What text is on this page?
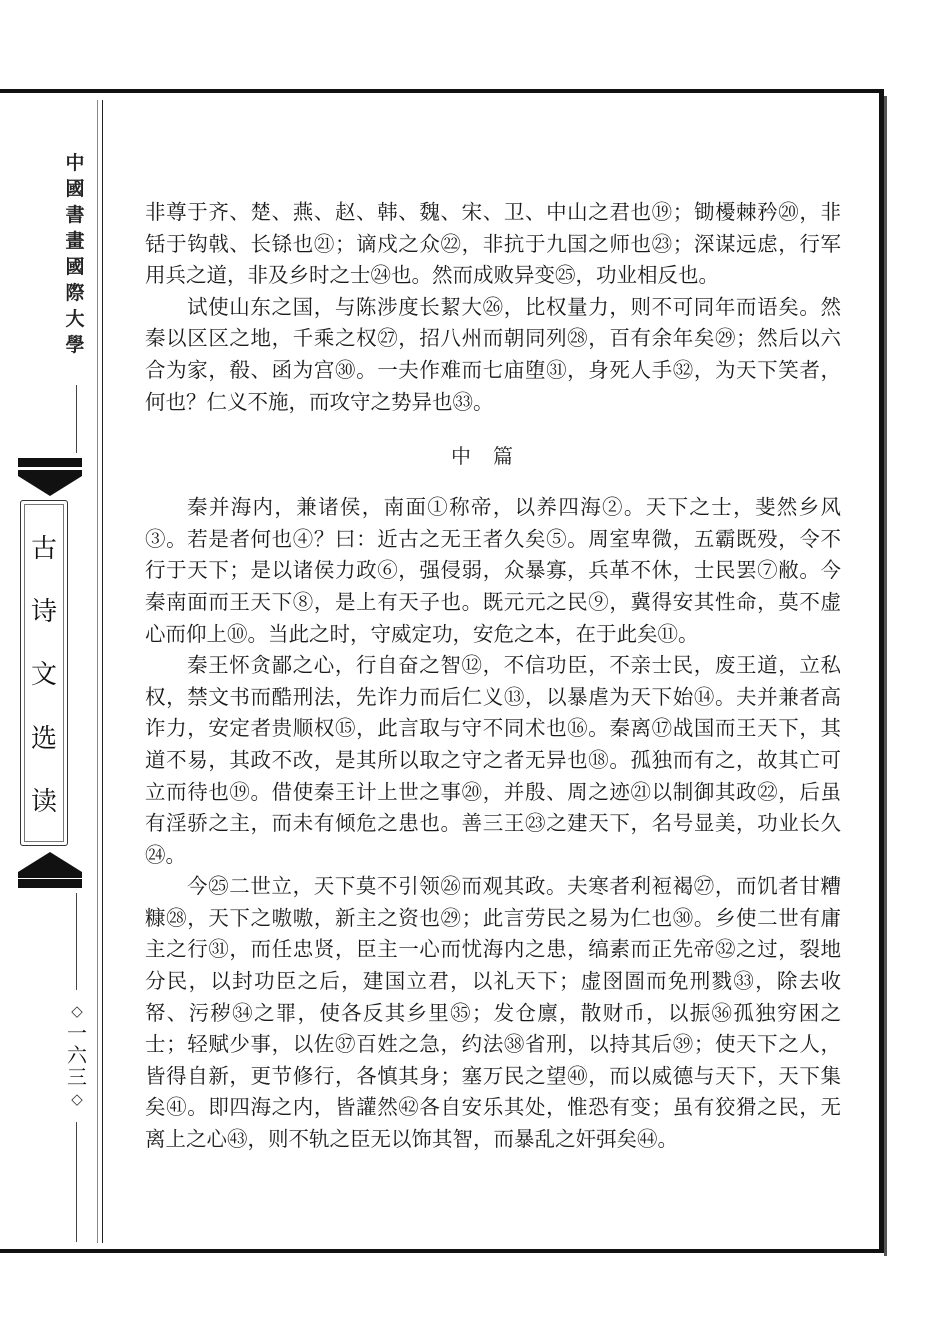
中
國
書
畫
國
際
大
學
古
诗
文
选
读
◇
一
六
三
◇

非尊于齐、楚、燕、赵、韩、魏、宋、卫、中山之君也⑲；锄櫌棘矜⑳，非铦于钩戟、长铩也㉑；谪戍之众㉒，非抗于九国之师也㉓；深谋远虑，行军用兵之道，非及乡时之士㉔也。然而成败异变㉕，功业相反也。

试使山东之国，与陈涉度长絜大㉖，比权量力，则不可同年而语矣。然秦以区区之地，千乘之权㉗，招八州而朝同列㉘，百有余年矣㉙；然后以六合为家，殽、函为宫㉚。一夫作难而七庙堕㉛，身死人手㉜，为天下笑者，何也？仁义不施，而攻守之势异也㉝。

中篇

秦并海内，兼诸侯，南面①称帝，以养四海②。天下之士，斐然乡风③。若是者何也④？曰：近古之无王者久矣⑤。周室卑微，五霸既殁，令不行于天下；是以诸侯力政⑥，强侵弱，众暴寡，兵革不休，士民罢⑦敝。今秦南面而王天下⑧，是上有天子也。既元元之民⑨，冀得安其性命，莫不虚心而仰上⑩。当此之时，守威定功，安危之本，在于此矣⑪。

秦王怀贪鄙之心，行自奋之智⑫，不信功臣，不亲士民，废王道，立私权，禁文书而酷刑法，先诈力而后仁义⑬，以暴虐为天下始⑭。夫并兼者高诈力，安定者贵顺权⑮，此言取与守不同术也⑯。秦离⑰战国而王天下，其道不易，其政不改，是其所以取之守之者无异也⑱。孤独而有之，故其亡可立而待也⑲。借使秦王计上世之事⑳，并殷、周之迹㉑以制御其政㉒，后虽有淫骄之主，而未有倾危之患也。善三王㉓之建天下，名号显美，功业长久㉔。

今㉕二世立，天下莫不引领㉖而观其政。夫寒者利裋褐㉗，而饥者甘糟糠㉘，天下之嗷嗷，新主之资也㉙；此言劳民之易为仁也㉚。乡使二世有庸主之行㉛，而任忠贤，臣主一心而忧海内之患，缟素而正先帝㉜之过，裂地分民，以封功臣之后，建国立君，以礼天下；虚囹圄而免刑戮㉝，除去收帑、污秽㉞之罪，使各反其乡里㉟；发仓廪，散财币，以振㊱孤独穷困之士；轻赋少事，以佐㊲百姓之急，约法㊳省刑，以持其后㊴；使天下之人，皆得自新，更节修行，各慎其身；塞万民之望㊵，而以威德与天下，天下集矣㊶。即四海之内，皆讙然㊷各自安乐其处，惟恐有变；虽有狡猾之民，无离上之心㊸，则不轨之臣无以饰其智，而暴乱之奸弭矣㊹。
